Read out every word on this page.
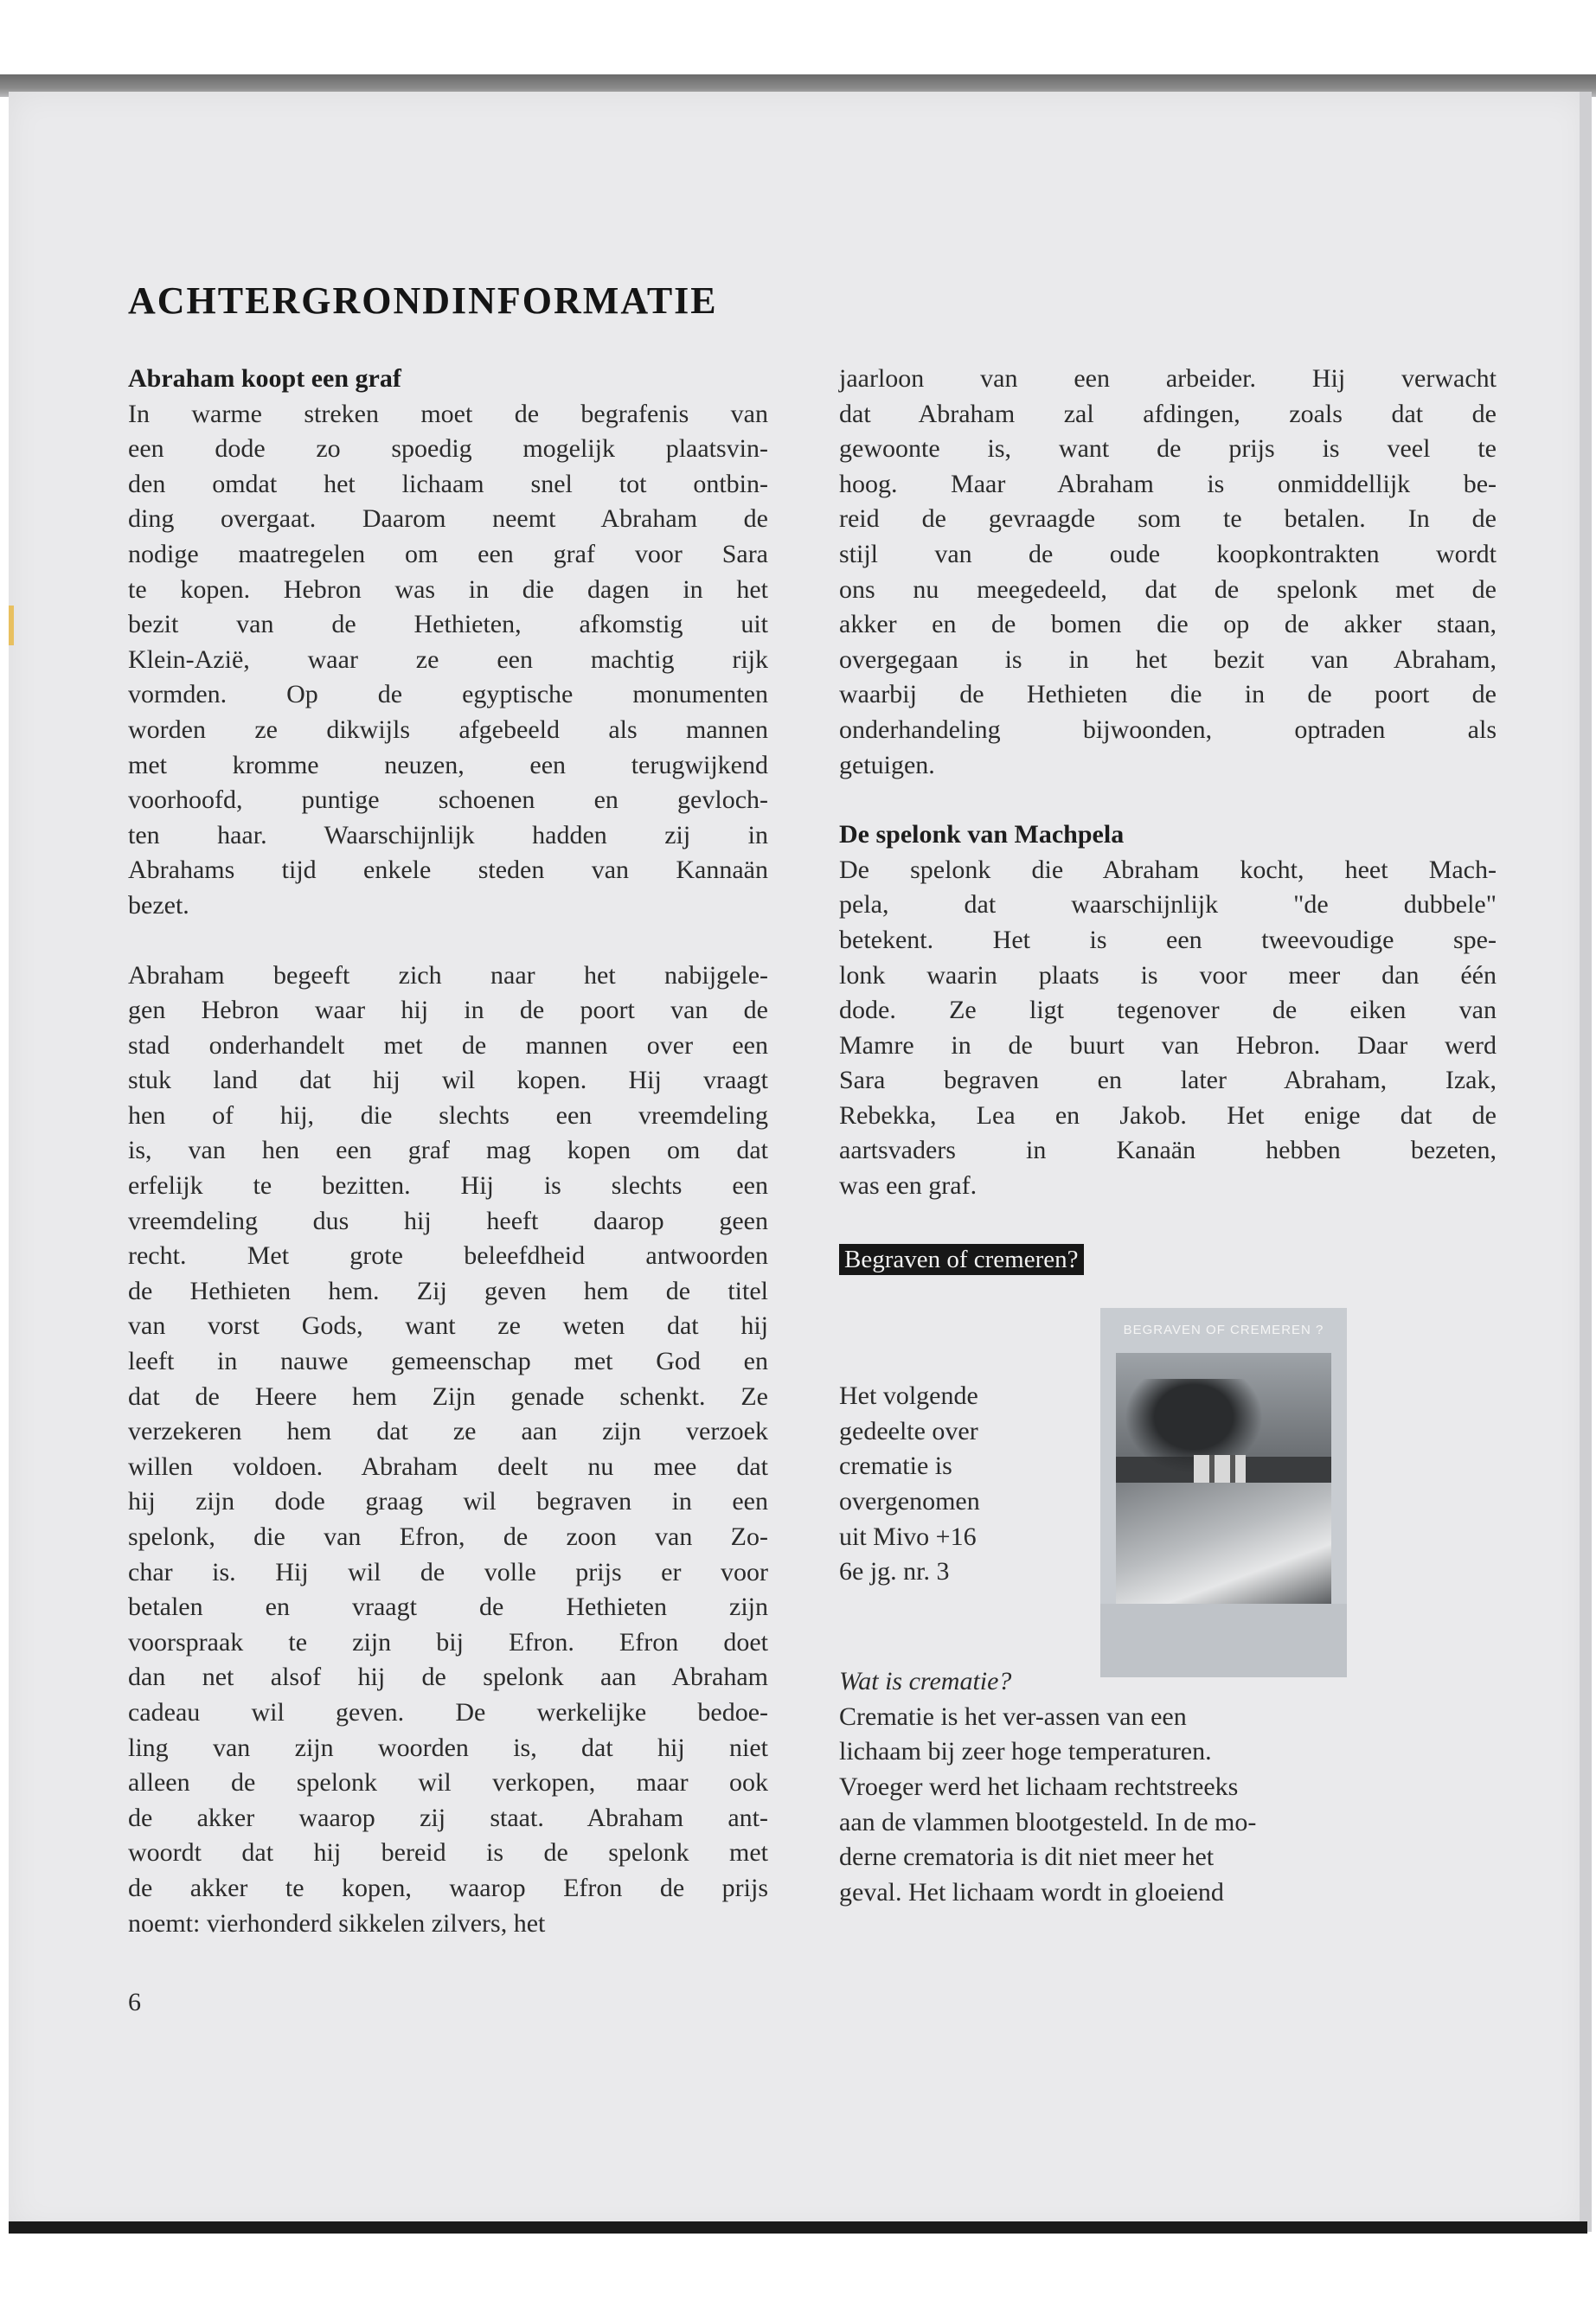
ACHTERGRONDINFORMATIE
Abraham koopt een graf
In warme streken moet de begrafenis van
een dode zo spoedig mogelijk plaatsvin-
den omdat het lichaam snel tot ontbin-
ding overgaat. Daarom neemt Abraham de
nodige maatregelen om een graf voor Sara
te kopen. Hebron was in die dagen in het
bezit van de Hethieten, afkomstig uit
Klein-Azië, waar ze een machtig rijk
vormden. Op de egyptische monumenten
worden ze dikwijls afgebeeld als mannen
met kromme neuzen, een terugwijkend
voorhoofd, puntige schoenen en gevloch-
ten haar. Waarschijnlijk hadden zij in
Abrahams tijd enkele steden van Kannaän
bezet.
Abraham begeeft zich naar het nabijgele-
gen Hebron waar hij in de poort van de
stad onderhandelt met de mannen over een
stuk land dat hij wil kopen. Hij vraagt
hen of hij, die slechts een vreemdeling
is, van hen een graf mag kopen om dat
erfelijk te bezitten. Hij is slechts een
vreemdeling dus hij heeft daarop geen
recht. Met grote beleefdheid antwoorden
de Hethieten hem. Zij geven hem de titel
van vorst Gods, want ze weten dat hij
leeft in nauwe gemeenschap met God en
dat de Heere hem Zijn genade schenkt. Ze
verzekeren hem dat ze aan zijn verzoek
willen voldoen. Abraham deelt nu mee dat
hij zijn dode graag wil begraven in een
spelonk, die van Efron, de zoon van Zo-
char is. Hij wil de volle prijs er voor
betalen en vraagt de Hethieten zijn
voorspraak te zijn bij Efron. Efron doet
dan net alsof hij de spelonk aan Abraham
cadeau wil geven. De werkelijke bedoe-
ling van zijn woorden is, dat hij niet
alleen de spelonk wil verkopen, maar ook
de akker waarop zij staat. Abraham ant-
woordt dat hij bereid is de spelonk met
de akker te kopen, waarop Efron de prijs
noemt: vierhonderd sikkelen zilvers, het
jaarloon van een arbeider. Hij verwacht
dat Abraham zal afdingen, zoals dat de
gewoonte is, want de prijs is veel te
hoog. Maar Abraham is onmiddellijk be-
reid de gevraagde som te betalen. In de
stijl van de oude koopkontrakten wordt
ons nu meegedeeld, dat de spelonk met de
akker en de bomen die op de akker staan,
overgegaan is in het bezit van Abraham,
waarbij de Hethieten die in de poort de
onderhandeling bijwoonden, optraden als
getuigen.
De spelonk van Machpela
De spelonk die Abraham kocht, heet Mach-
pela, dat waarschijnlijk "de dubbele"
betekent. Het is een tweevoudige spe-
lonk waarin plaats is voor meer dan één
dode. Ze ligt tegenover de eiken van
Mamre in de buurt van Hebron. Daar werd
Sara begraven en later Abraham, Izak,
Rebekka, Lea en Jakob. Het enige dat de
aartsvaders in Kanaän hebben bezeten,
was een graf.
Begraven of cremeren?
Het volgende
gedeelte over
crematie is
overgenomen
uit Mivo +16
6e jg. nr. 3
BEGRAVEN OF CREMEREN ?
Wat is crematie?
Crematie is het ver-assen van een
lichaam bij zeer hoge temperaturen.
Vroeger werd het lichaam rechtstreeks
aan de vlammen blootgesteld. In de mo-
derne crematoria is dit niet meer het
geval. Het lichaam wordt in gloeiend
6
